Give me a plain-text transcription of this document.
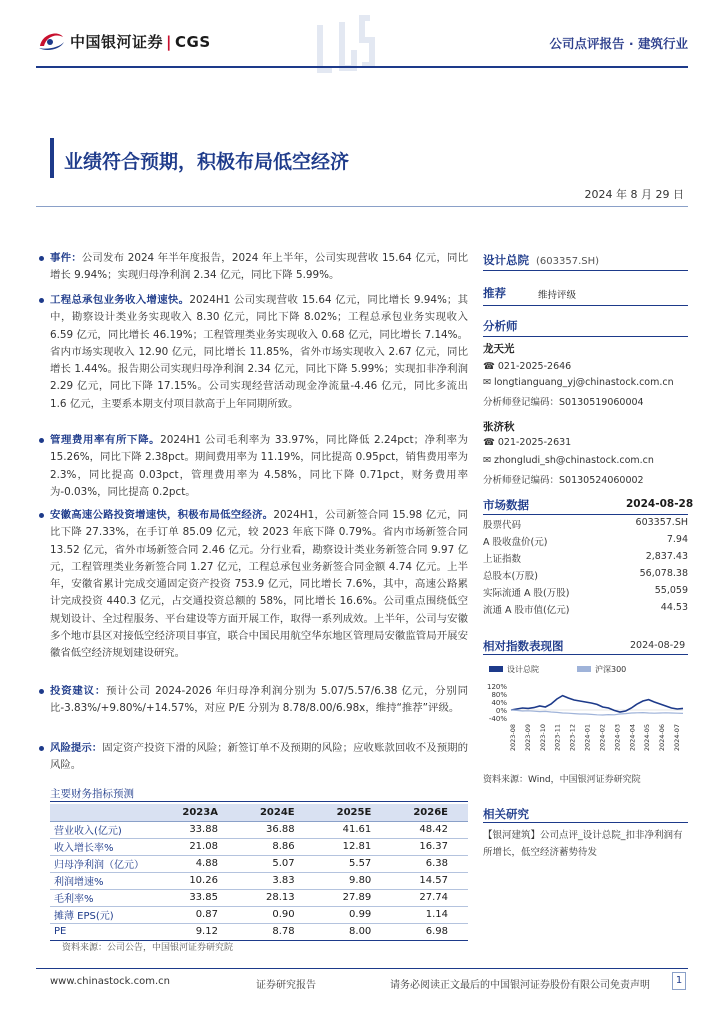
中国银河证券 | CGS	公司点评报告 · 建筑行业
业绩符合预期，积极布局低空经济
2024 年 8 月 29 日
事件：公司发布 2024 年半年度报告，2024 年上半年，公司实现营收 15.64 亿元，同比增长 9.94%；实现归母净利润 2.34 亿元，同比下降 5.99%。
工程总承包业务收入增速快。2024H1 公司实现营收 15.64 亿元，同比增长 9.94%；其中，勘察设计类业务实现收入 8.30 亿元，同比下降 8.02%；工程总承包业务实现收入 6.59 亿元，同比增长 46.19%；工程管理类业务实现收入 0.68 亿元，同比增长 7.14%。省内市场实现收入 12.90 亿元，同比增长 11.85%，省外市场实现收入 2.67 亿元，同比增长 1.44%。报告期公司实现归母净利润 2.34 亿元，同比下降 5.99%；实现扣非净利润 2.29 亿元，同比下降 17.15%。公司实现经营活动现金净流量-4.46 亿元，同比多流出 1.6 亿元，主要系本期支付项目款高于上年同期所致。
管理费用率有所下降。2024H1 公司毛利率为 33.97%，同比降低 2.24pct；净利率为 15.26%，同比下降 2.38pct。期间费用率为 11.19%，同比提高 0.95pct，销售费用率为 2.3%，同比提高 0.03pct，管理费用率为 4.58%，同比下降 0.71pct，财务费用率为-0.03%，同比提高 0.2pct。
安徽高速公路投资增速快，积极布局低空经济。2024H1，公司新签合同 15.98 亿元，同比下降 27.33%，在手订单 85.09 亿元，较 2023 年底下降 0.79%。省内市场新签合同 13.52 亿元，省外市场新签合同 2.46 亿元。分行业看，勘察设计类业务新签合同 9.97 亿元，工程管理类业务新签合同 1.27 亿元，工程总承包业务新签合同金额 4.74 亿元。上半年，安徽省累计完成交通固定资产投资 753.9 亿元，同比增长 7.6%，其中，高速公路累计完成投资 440.3 亿元，占交通投资总额的 58%，同比增长 16.6%。公司重点围绕低空规划设计、全过程服务、平台建设等方面开展工作，取得一系列成效。上半年，公司与安徽多个地市县区对接低空经济项目事宜，联合中国民用航空华东地区管理局安徽监管局开展安徽省低空经济规划建设研究。
投资建议：预计公司 2024-2026 年归母净利润分别为 5.07/5.57/6.38 亿元，分别同比-3.83%/+9.80%/+14.57%，对应 P/E 分别为 8.78/8.00/6.98x，维持“推荐”评级。
风险提示：固定资产投资下滑的风险；新签订单不及预期的风险；应收账款回收不及预期的风险。
主要财务指标预测
	2023A	2024E	2025E	2026E
营业收入(亿元)	33.88	36.88	41.61	48.42
收入增长率%	21.08	8.86	12.81	16.37
归母净利润（亿元）	4.88	5.07	5.57	6.38
利润增速%	10.26	3.83	9.80	14.57
毛利率%	33.85	28.13	27.89	27.74
摊薄 EPS(元)	0.87	0.90	0.99	1.14
PE	9.12	8.78	8.00	6.98
资料来源：公司公告，中国银河证券研究院
设计总院 (603357.SH)
推荐	维持评级
分析师
龙天光
☎ 021-2025-2646
✉ longtianguang_yj@chinastock.com.cn
分析师登记编码：S0130519060004
张济秋
☎ 021-2025-2631
✉ zhongludi_sh@chinastock.com.cn
分析师登记编码：S0130524060002
市场数据	2024-08-28
股票代码	603357.SH
A 股收盘价(元)	7.94
上证指数	2,837.43
总股本(万股)	56,078.38
实际流通 A 股(万股)	55,059
流通 A 股市值(亿元)	44.53
相对指数表现图	2024-08-29
设计总院	沪深300
120%
80%
40%
0%
-40%
2023-08 2023-09 2023-10 2023-11 2023-12 2024-01 2024-02 2024-03 2024-04 2024-05 2024-06 2024-07
资料来源：Wind，中国银河证券研究院
相关研究
【银河建筑】公司点评_设计总院_扣非净利润有所增长，低空经济蓄势待发
www.chinastock.com.cn	证券研究报告	请务必阅读正文最后的中国银河证券股份有限公司免责声明	1
